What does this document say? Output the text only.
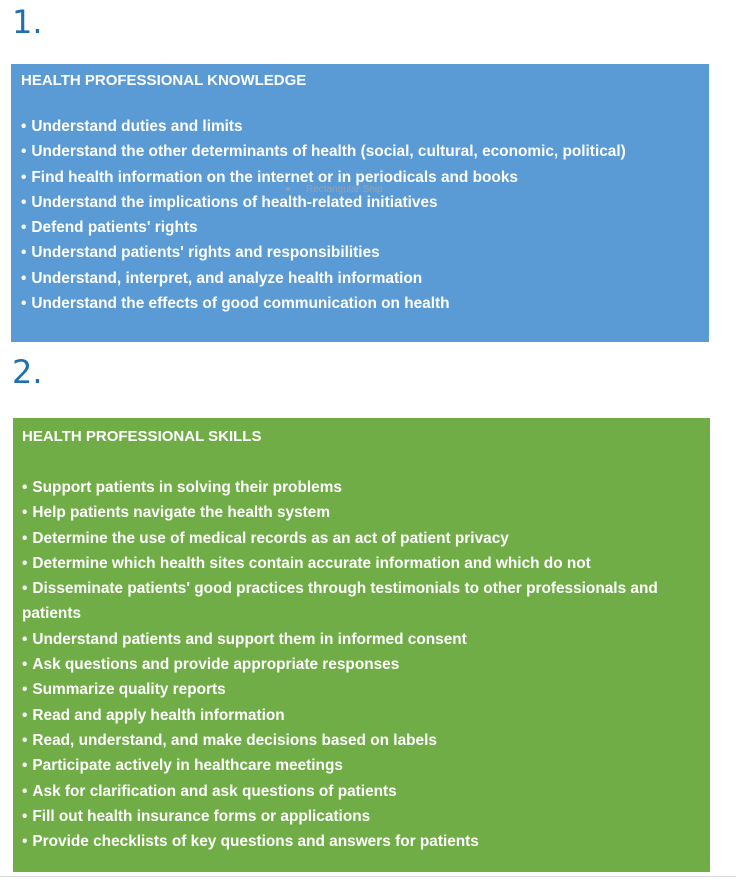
1.
HEALTH PROFESSIONAL KNOWLEDGE
• Understand duties and limits
• Understand the other determinants of health (social, cultural, economic, political)
• Find health information on the internet or in periodicals and books
• Understand the implications of health-related initiatives
• Defend patients' rights
• Understand patients' rights and responsibilities
• Understand, interpret, and analyze health information
• Understand the effects of good communication on health
Rectangular Snip
2.
HEALTH PROFESSIONAL SKILLS
• Support patients in solving their problems
• Help patients navigate the health system
• Determine the use of medical records as an act of patient privacy
• Determine which health sites contain accurate information and which do not
• Disseminate patients' good practices through testimonials to other professionals and patients
• Understand patients and support them in informed consent
• Ask questions and provide appropriate responses
• Summarize quality reports
• Read and apply health information
• Read, understand, and make decisions based on labels
• Participate actively in healthcare meetings
• Ask for clarification and ask questions of patients
• Fill out health insurance forms or applications
• Provide checklists of key questions and answers for patients
